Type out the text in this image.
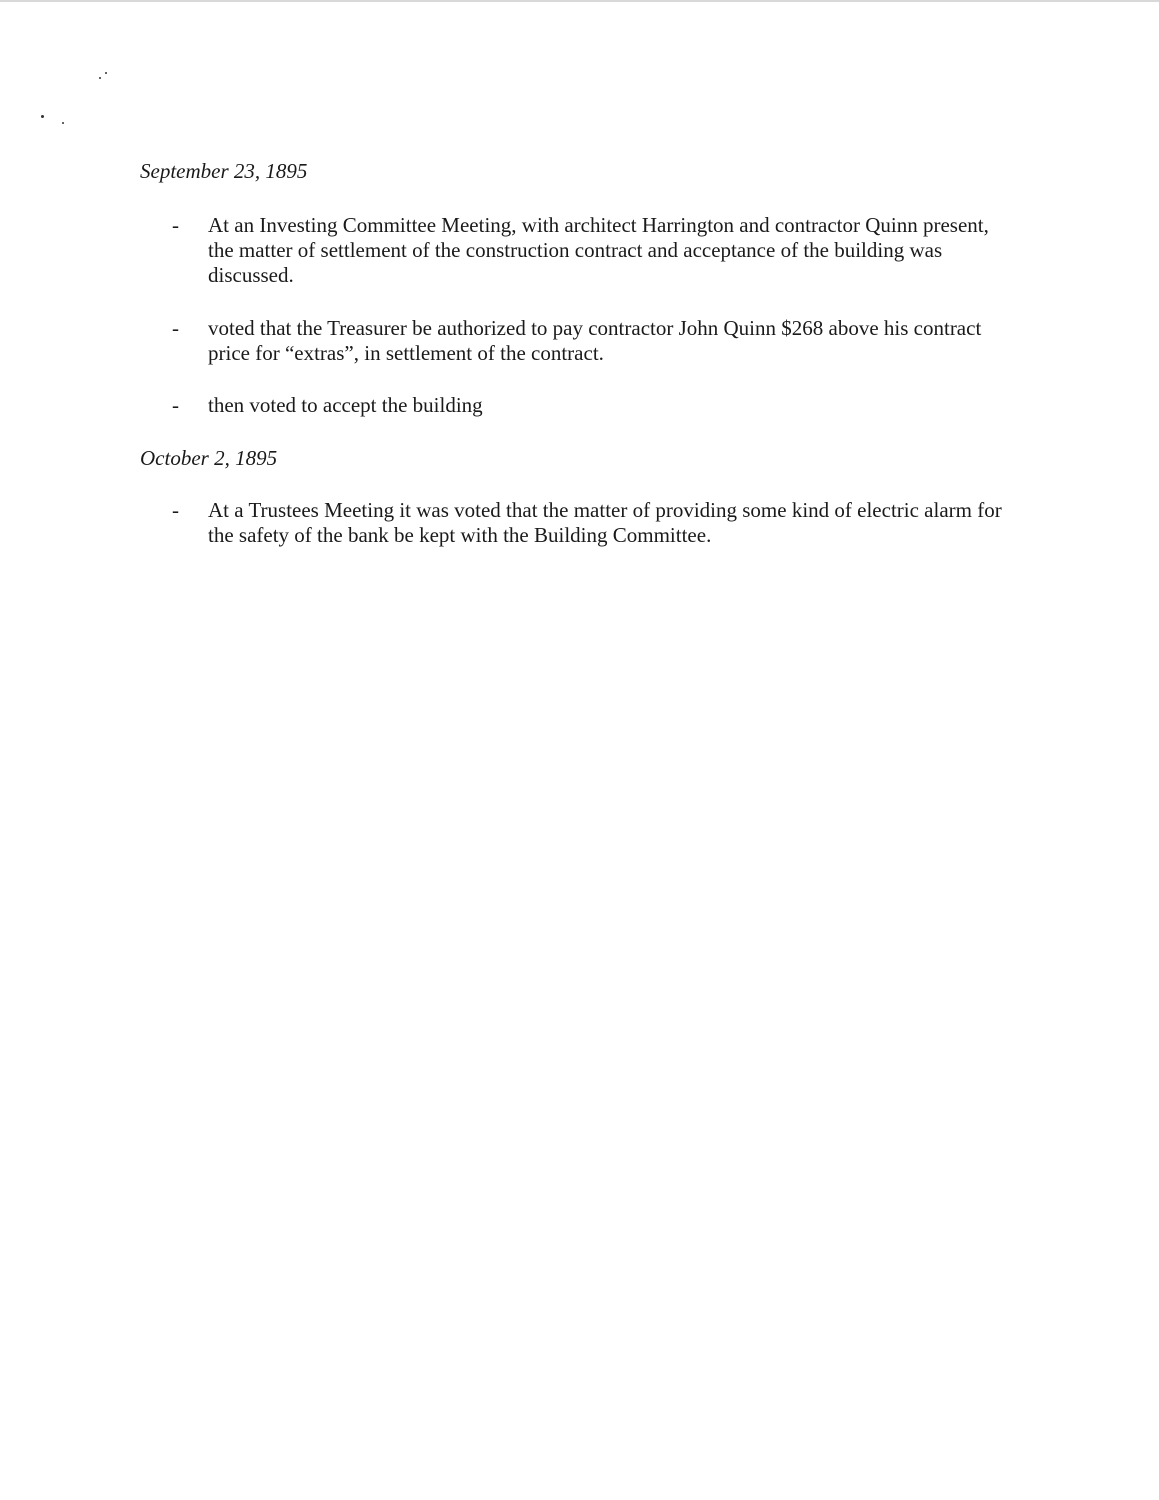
September 23, 1895
-	At an Investing Committee Meeting, with architect Harrington and contractor Quinn present, the matter of settlement of the construction contract and acceptance of the building was discussed.

-	voted that the Treasurer be authorized to pay contractor John Quinn $268 above his contract price for “extras”, in settlement of the contract.

-	then voted to accept the building

October 2, 1895
-	At a Trustees Meeting it was voted that the matter of providing some kind of electric alarm for the safety of the bank be kept with the Building Committee.
